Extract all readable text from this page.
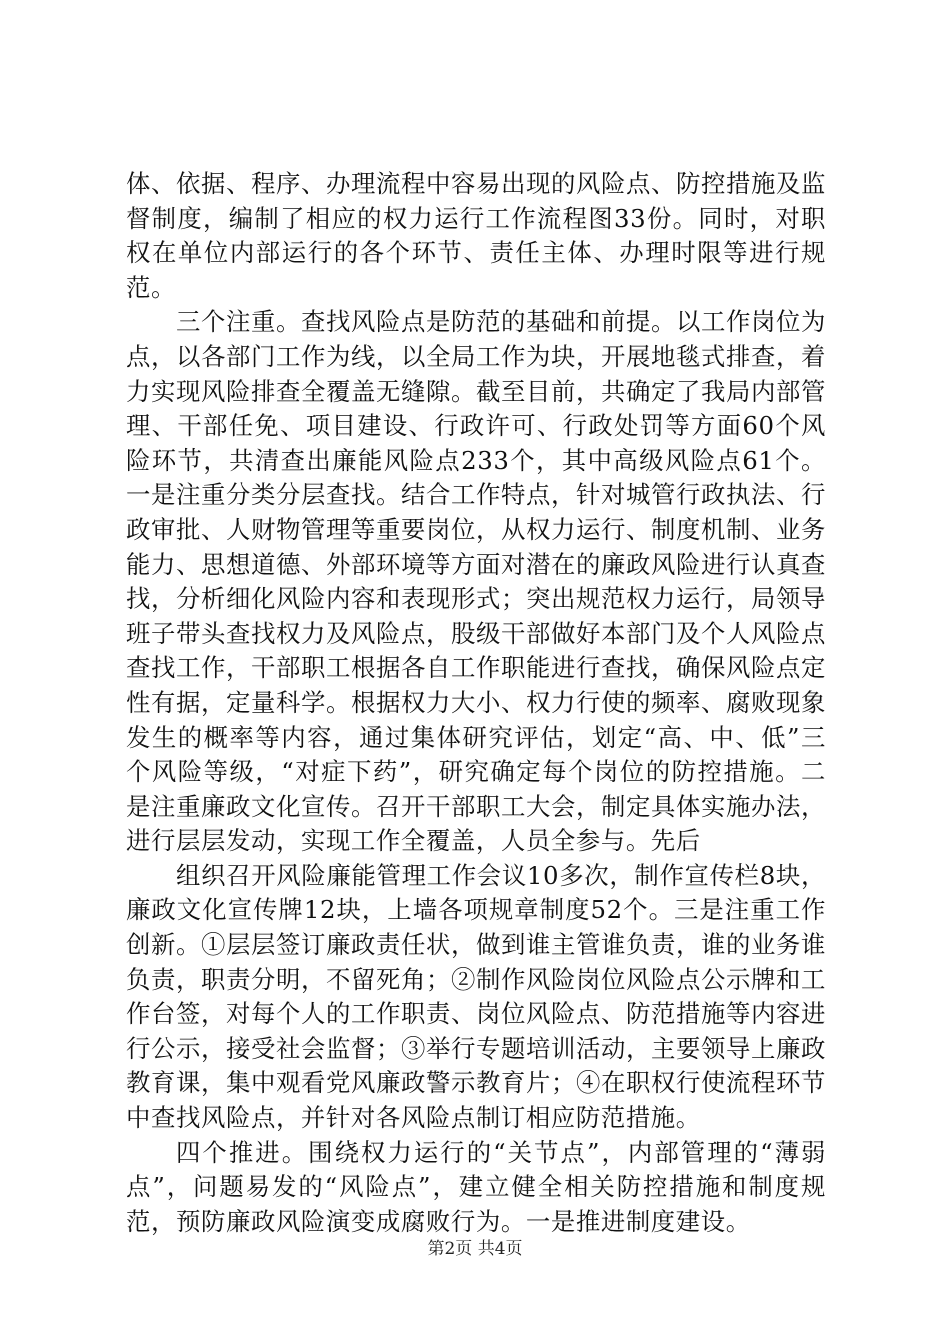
体、依据、程序、办理流程中容易出现的风险点、防控措施及监督制度，编制了相应的权力运行工作流程图33份。同时，对职权在单位内部运行的各个环节、责任主体、办理时限等进行规范。

三个注重。查找风险点是防范的基础和前提。以工作岗位为点，以各部门工作为线，以全局工作为块，开展地毯式排查，着力实现风险排查全覆盖无缝隙。截至目前，共确定了我局内部管理、干部任免、项目建设、行政许可、行政处罚等方面60个风险环节，共清查出廉能风险点233个，其中高级风险点61个。一是注重分类分层查找。结合工作特点，针对城管行政执法、行政审批、人财物管理等重要岗位，从权力运行、制度机制、业务能力、思想道德、外部环境等方面对潜在的廉政风险进行认真查找，分析细化风险内容和表现形式；突出规范权力运行，局领导班子带头查找权力及风险点，股级干部做好本部门及个人风险点查找工作，干部职工根据各自工作职能进行查找，确保风险点定性有据，定量科学。根据权力大小、权力行使的频率、腐败现象发生的概率等内容，通过集体研究评估，划定“高、中、低”三个风险等级，“对症下药”，研究确定每个岗位的防控措施。二是注重廉政文化宣传。召开干部职工大会，制定具体实施办法，进行层层发动，实现工作全覆盖，人员全参与。先后

组织召开风险廉能管理工作会议10多次，制作宣传栏8块，廉政文化宣传牌12块，上墙各项规章制度52个。三是注重工作创新。①层层签订廉政责任状，做到谁主管谁负责，谁的业务谁负责，职责分明，不留死角；②制作风险岗位风险点公示牌和工作台签，对每个人的工作职责、岗位风险点、防范措施等内容进行公示，接受社会监督；③举行专题培训活动，主要领导上廉政教育课，集中观看党风廉政警示教育片；④在职权行使流程环节中查找风险点，并针对各风险点制订相应防范措施。

四个推进。围绕权力运行的“关节点”，内部管理的“薄弱点”，问题易发的“风险点”，建立健全相关防控措施和制度规范，预防廉政风险演变成腐败行为。一是推进制度建设。

第2页 共4页
